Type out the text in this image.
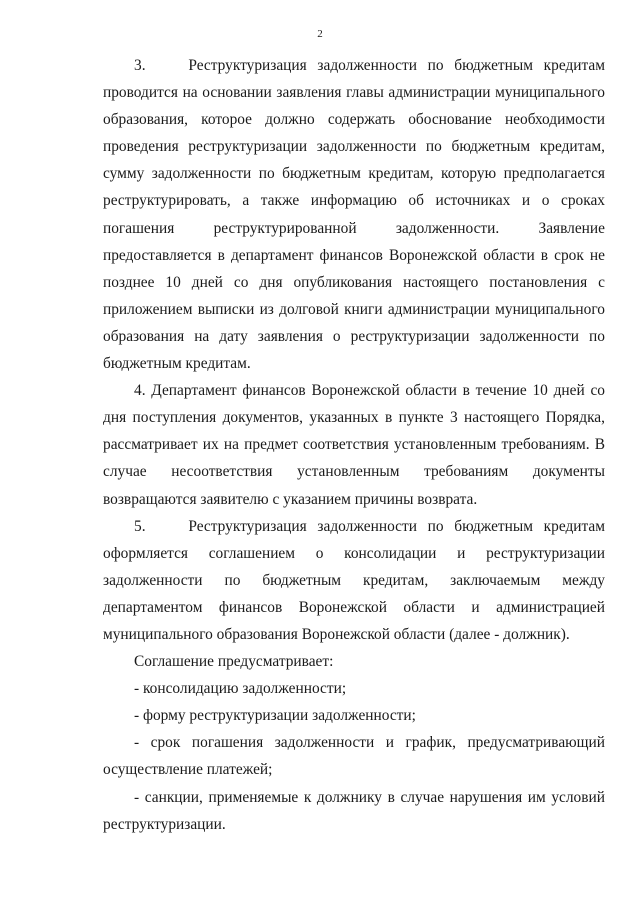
2

3.    Реструктуризация задолженности по бюджетным кредитам проводится на основании заявления главы администрации муниципального образования, которое должно содержать обоснование необходимости проведения реструктуризации задолженности по бюджетным кредитам, сумму задолженности по бюджетным кредитам, которую предполагается реструктурировать, а также информацию об источниках и о сроках погашения реструктурированной задолженности. Заявление предоставляется в департамент финансов Воронежской области в срок не позднее 10 дней со дня опубликования настоящего постановления с приложением выписки из долговой книги администрации муниципального образования на дату заявления о реструктуризации задолженности по бюджетным кредитам.

4. Департамент финансов Воронежской области в течение 10 дней со дня поступления документов, указанных в пункте 3 настоящего Порядка, рассматривает их на предмет соответствия установленным требованиям. В случае несоответствия установленным требованиям документы возвращаются заявителю с указанием причины возврата.

5.    Реструктуризация задолженности по бюджетным кредитам оформляется соглашением о консолидации и реструктуризации задолженности по бюджетным кредитам, заключаемым между департаментом финансов Воронежской области и администрацией муниципального образования Воронежской области (далее - должник).

Соглашение предусматривает:

- консолидацию задолженности;

- форму реструктуризации задолженности;

- срок погашения задолженности и график, предусматривающий осуществление платежей;

- санкции, применяемые к должнику в случае нарушения им условий реструктуризации.
